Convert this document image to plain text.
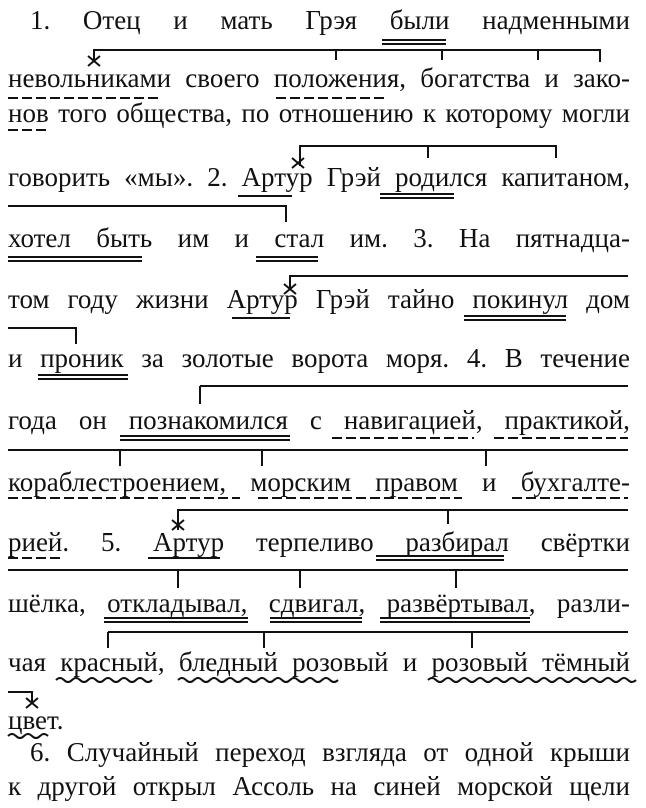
1. Отец и мать Грэя были надменными
невольниками своего положения, богатства и зако-
нов того общества, по отношению к которому могли
говорить «мы». 2. Артур Грэй родился капитаном,
хотел быть им и стал им. 3. На пятнадца-
том году жизни Артур Грэй тайно покинул дом
и проник за золотые ворота моря. 4. В течение
года он познакомился с навигацией, практикой,
кораблестроением, морским правом и бухгалте-
рией. 5. Артур терпеливо разбирал свёртки
шёлка, откладывал, сдвигал, развёртывал, разли-
чая красный, бледный розовый и розовый тёмный
цвет.
6. Случайный переход взгляда от одной крыши
к другой открыл Ассоль на синей морской щели
